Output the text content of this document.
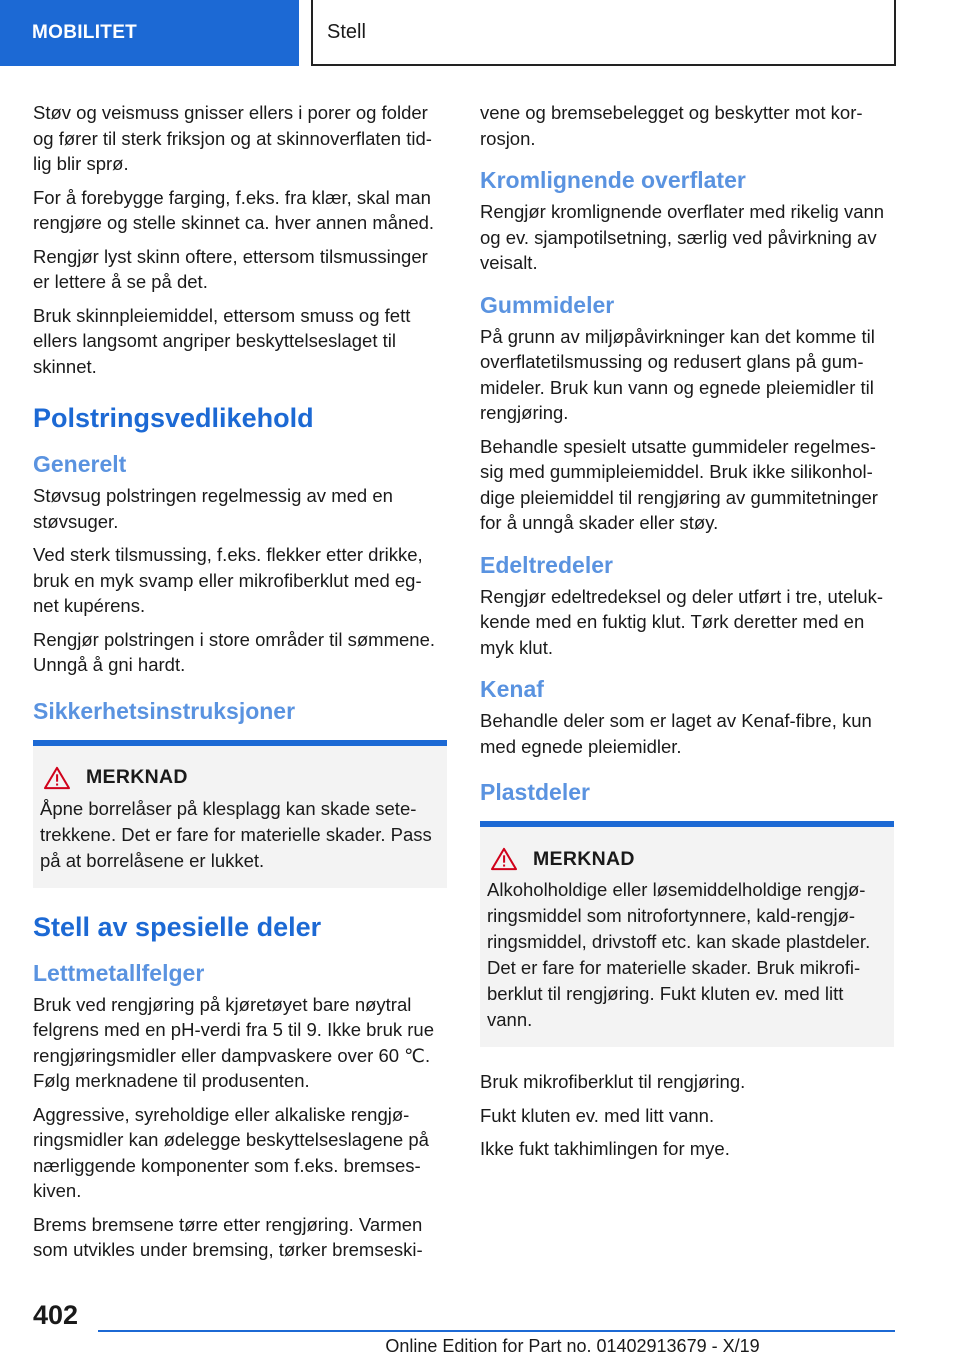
MOBILITET	Stell

Støv og veismuss gnisser ellers i porer og folder og fører til sterk friksjon og at skinnoverflaten tid-lig blir sprø.

For å forebygge farging, f.eks. fra klær, skal man rengjøre og stelle skinnet ca. hver annen måned.

Rengjør lyst skinn oftere, ettersom tilsmussinger er lettere å se på det.

Bruk skinnpleiemiddel, ettersom smuss og fett ellers langsomt angriper beskyttelseslaget til skinnet.

Polstringsvedlikehold
Generelt

Støvsug polstringen regelmessig av med en støvsuger.

Ved sterk tilsmussing, f.eks. flekker etter drikke, bruk en myk svamp eller mikrofiberklut med eg-net kupérens.

Rengjør polstringen i store områder til sømmene. Unngå å gni hardt.

Sikkerhetsinstruksjoner
MERKNAD

Åpne borrelåser på klesplagg kan skade sete-trekkene. Det er fare for materielle skader. Pass på at borrelåsene er lukket.

Stell av spesielle deler
Lettmetallfelger

Bruk ved rengjøring på kjøretøyet bare nøytral felgrens med en pH-verdi fra 5 til 9. Ikke bruk rue rengjøringsmidler eller dampvaskere over 60 ℃. Følg merknadene til produsenten.

Aggressive, syreholdige eller alkaliske rengjø-ringsmidler kan ødelegge beskyttelseslagene på nærliggende komponenter som f.eks. bremses-kiven.

Brems bremsene tørre etter rengjøring. Varmen som utvikles under bremsing, tørker bremseski-

vene og bremsebelegget og beskytter mot kor-rosjon.

Kromlignende overflater

Rengjør kromlignende overflater med rikelig vann og ev. sjampotilsetning, særlig ved påvirkning av veisalt.

Gummideler

På grunn av miljøpåvirkninger kan det komme til overflatetilsmussing og redusert glans på gum-mideler. Bruk kun vann og egnede pleiemidler til rengjøring.

Behandle spesielt utsatte gummideler regelmes-sig med gummipleiemiddel. Bruk ikke silikonhol-dige pleiemiddel til rengjøring av gummitetninger for å unngå skader eller støy.

Edeltredeler

Rengjør edeltredeksel og deler utført i tre, uteluk-kende med en fuktig klut. Tørk deretter med en myk klut.

Kenaf

Behandle deler som er laget av Kenaf-fibre, kun med egnede pleiemidler.

Plastdeler
MERKNAD

Alkoholholdige eller løsemiddelholdige rengjø-ringsmiddel som nitrofortynnere, kald-rengjø-ringsmiddel, drivstoff etc. kan skade plastdeler. Det er fare for materielle skader. Bruk mikrofi-berklut til rengjøring. Fukt kluten ev. med litt vann.

Bruk mikrofiberklut til rengjøring.

Fukt kluten ev. med litt vann.

Ikke fukt takhimlingen for mye.

402
Online Edition for Part no. 01402913679 - X/19
